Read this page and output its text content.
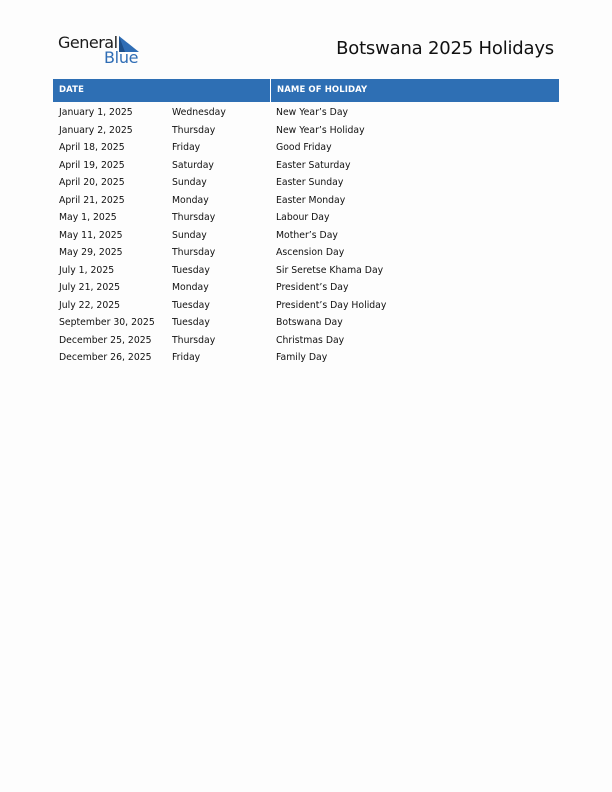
General
Blue	Botswana 2025 Holidays
DATE	NAME OF HOLIDAY
January 1, 2025	Wednesday	New Year’s Day
January 2, 2025	Thursday	New Year’s Holiday
April 18, 2025	Friday	Good Friday
April 19, 2025	Saturday	Easter Saturday
April 20, 2025	Sunday	Easter Sunday
April 21, 2025	Monday	Easter Monday
May 1, 2025	Thursday	Labour Day
May 11, 2025	Sunday	Mother’s Day
May 29, 2025	Thursday	Ascension Day
July 1, 2025	Tuesday	Sir Seretse Khama Day
July 21, 2025	Monday	President’s Day
July 22, 2025	Tuesday	President’s Day Holiday
September 30, 2025	Tuesday	Botswana Day
December 25, 2025	Thursday	Christmas Day
December 26, 2025	Friday	Family Day
